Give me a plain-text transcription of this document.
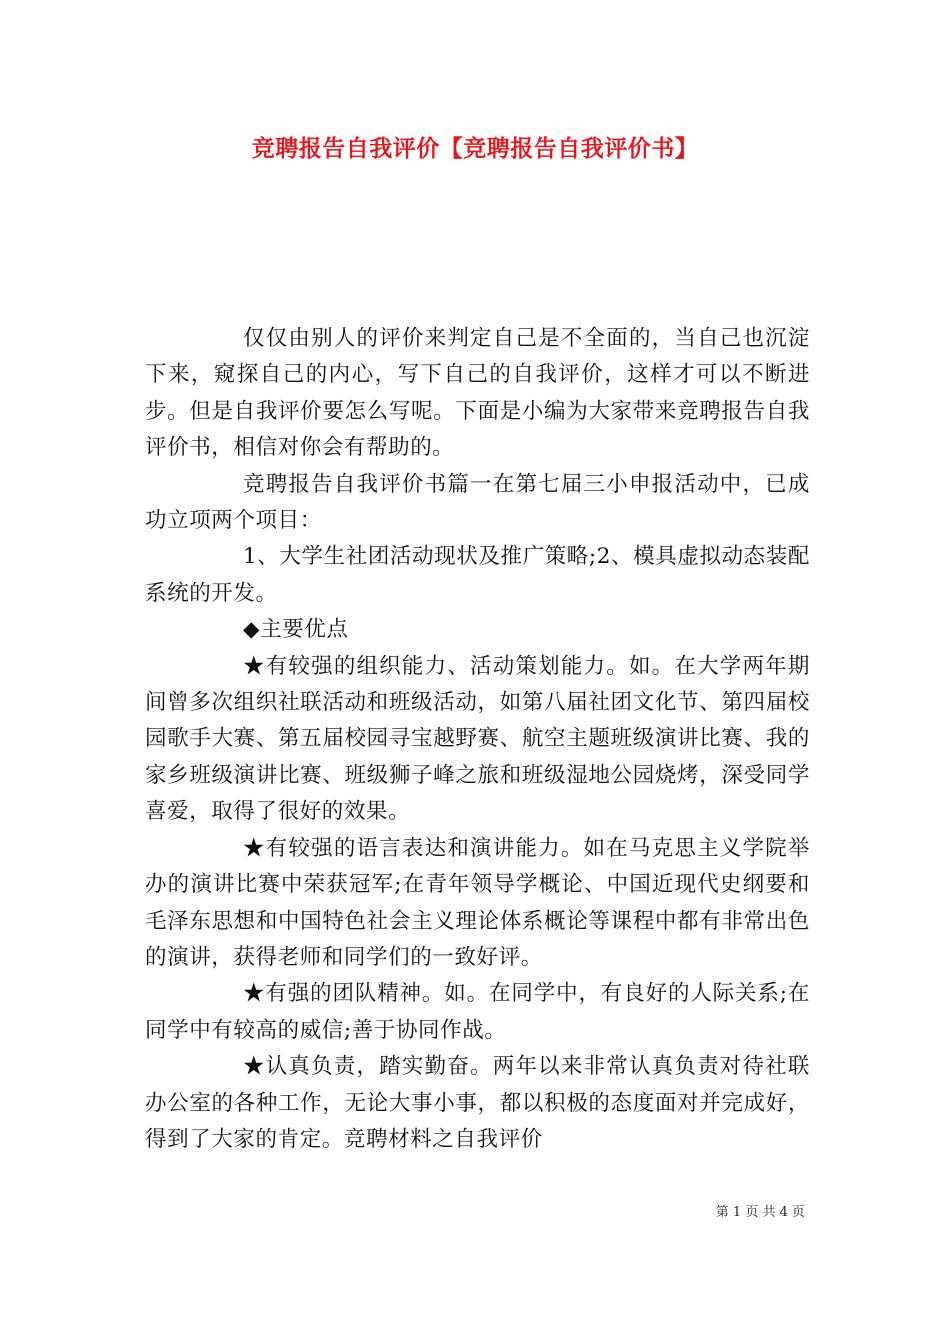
竞聘报告自我评价【竞聘报告自我评价书】

仅仅由别人的评价来判定自己是不全面的，当自己也沉淀下来，窥探自己的内心，写下自己的自我评价，这样才可以不断进步。但是自我评价要怎么写呢。下面是小编为大家带来竞聘报告自我评价书，相信对你会有帮助的。

竞聘报告自我评价书篇一在第七届三小申报活动中，已成功立项两个项目：

1、大学生社团活动现状及推广策略;2、模具虚拟动态装配系统的开发。

◆主要优点

★有较强的组织能力、活动策划能力。如。在大学两年期间曾多次组织社联活动和班级活动，如第八届社团文化节、第四届校园歌手大赛、第五届校园寻宝越野赛、航空主题班级演讲比赛、我的家乡班级演讲比赛、班级狮子峰之旅和班级湿地公园烧烤，深受同学喜爱，取得了很好的效果。

★有较强的语言表达和演讲能力。如在马克思主义学院举办的演讲比赛中荣获冠军;在青年领导学概论、中国近现代史纲要和毛泽东思想和中国特色社会主义理论体系概论等课程中都有非常出色的演讲，获得老师和同学们的一致好评。

★有强的团队精神。如。在同学中，有良好的人际关系;在同学中有较高的威信;善于协同作战。

★认真负责，踏实勤奋。两年以来非常认真负责对待社联办公室的各种工作，无论大事小事，都以积极的态度面对并完成好，得到了大家的肯定。竞聘材料之自我评价

第 1 页 共 4 页
